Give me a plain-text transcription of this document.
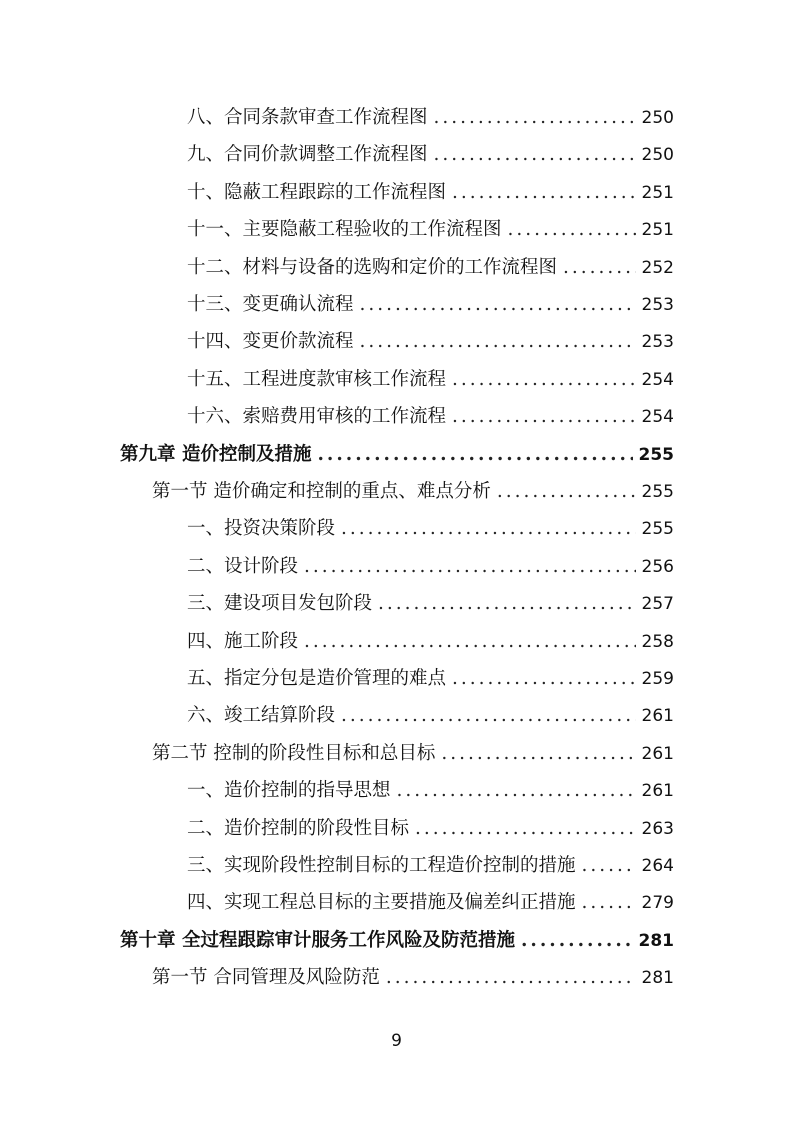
八、合同条款审查工作流程图 .....	250
九、合同价款调整工作流程图 .....	250
十、隐蔽工程跟踪的工作流程图 .....	251
十一、主要隐蔽工程验收的工作流程图 .....	251
十二、材料与设备的选购和定价的工作流程图 .....	252
十三、变更确认流程 .....	253
十四、变更价款流程 .....	253
十五、工程进度款审核工作流程 .....	254
十六、索赔费用审核的工作流程 .....	254
第九章 造价控制及措施 .....	255
第一节 造价确定和控制的重点、难点分析 .....	255
一、投资决策阶段 .....	255
二、设计阶段 .....	256
三、建设项目发包阶段 .....	257
四、施工阶段 .....	258
五、指定分包是造价管理的难点 .....	259
六、竣工结算阶段 .....	261
第二节 控制的阶段性目标和总目标 .....	261
一、造价控制的指导思想 .....	261
二、造价控制的阶段性目标 .....	263
三、实现阶段性控制目标的工程造价控制的措施 .....	264
四、实现工程总目标的主要措施及偏差纠正措施 .....	279
第十章 全过程跟踪审计服务工作风险及防范措施 .....	281
第一节 合同管理及风险防范 .....	281
9
